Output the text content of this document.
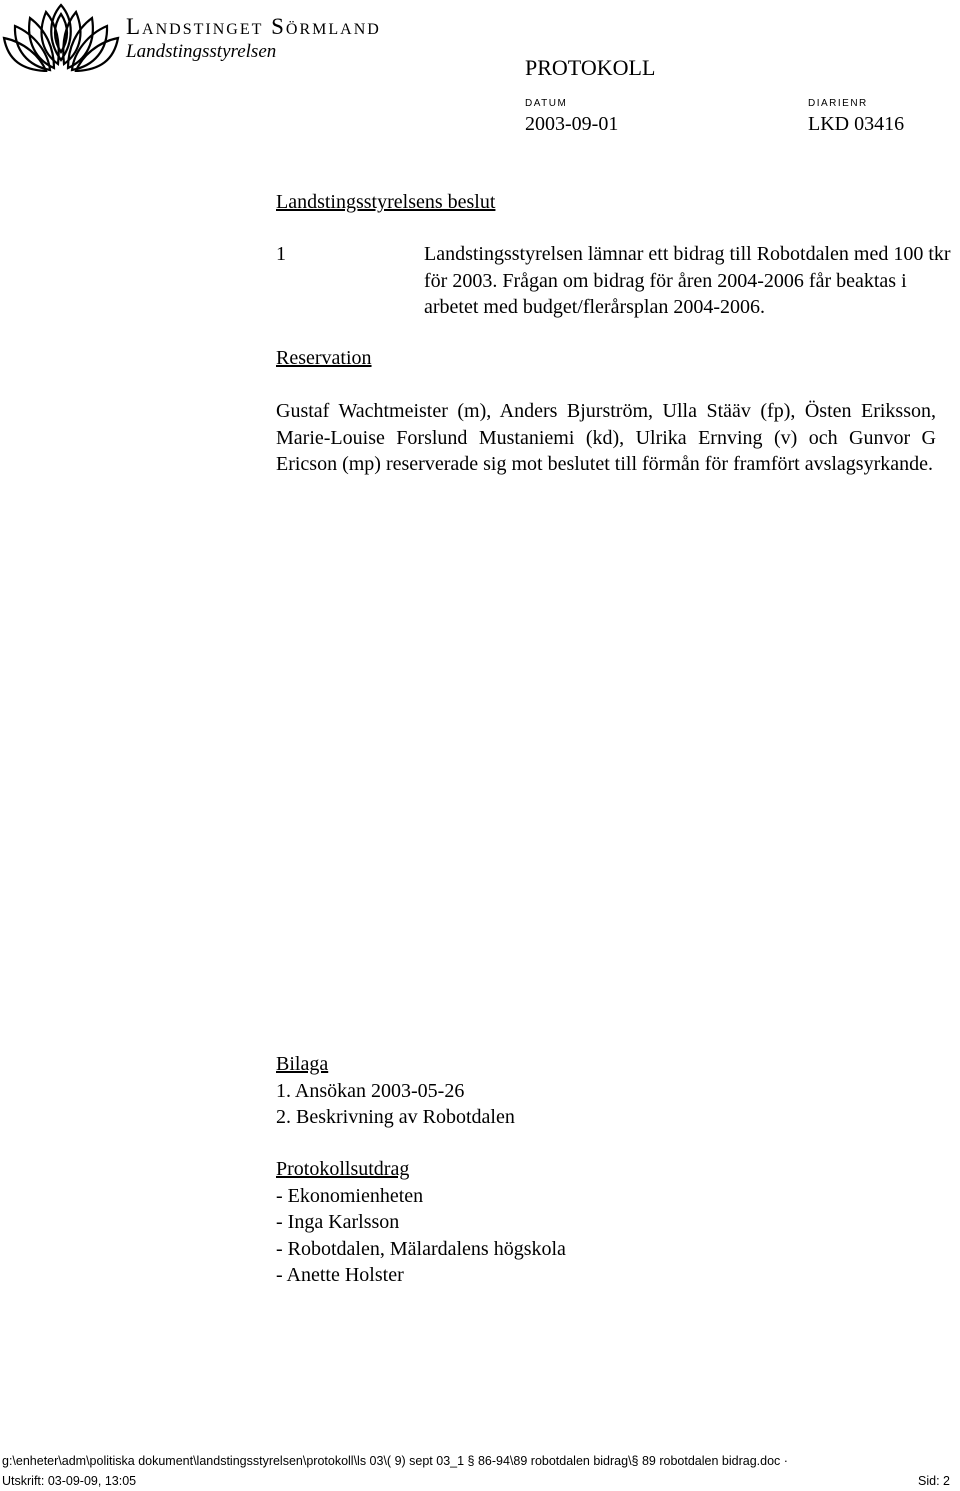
Landstinget Sörmland
Landstingsstyrelsen
PROTOKOLL
DATUM
2003-09-01
DIARIENR
LKD 03416
Landstingsstyrelsens beslut
1	Landstingsstyrelsen lämnar ett bidrag till Robotdalen med 100 tkr för 2003. Frågan om bidrag för åren 2004-2006 får beaktas i arbetet med budget/flerårsplan 2004-2006.
Reservation
Gustaf Wachtmeister (m), Anders Bjurström, Ulla Stääv (fp), Östen Eriksson, Marie-Louise Forslund Mustaniemi (kd), Ulrika Ernving (v) och Gunvor G Ericson (mp) reserverade sig mot beslutet till förmån för framfört avslagsyrkande.
Bilaga
1. Ansökan 2003-05-26
2. Beskrivning av Robotdalen
Protokollsutdrag
- Ekonomienheten
- Inga Karlsson
- Robotdalen, Mälardalens högskola
- Anette Holster
g:\enheter\adm\politiska dokument\landstingsstyrelsen\protokoll\ls 03\( 9) sept 03_1 § 86-94\89 robotdalen bidrag\§ 89 robotdalen bidrag.doc ·
Utskrift: 03-09-09, 13:05	Sid: 2
